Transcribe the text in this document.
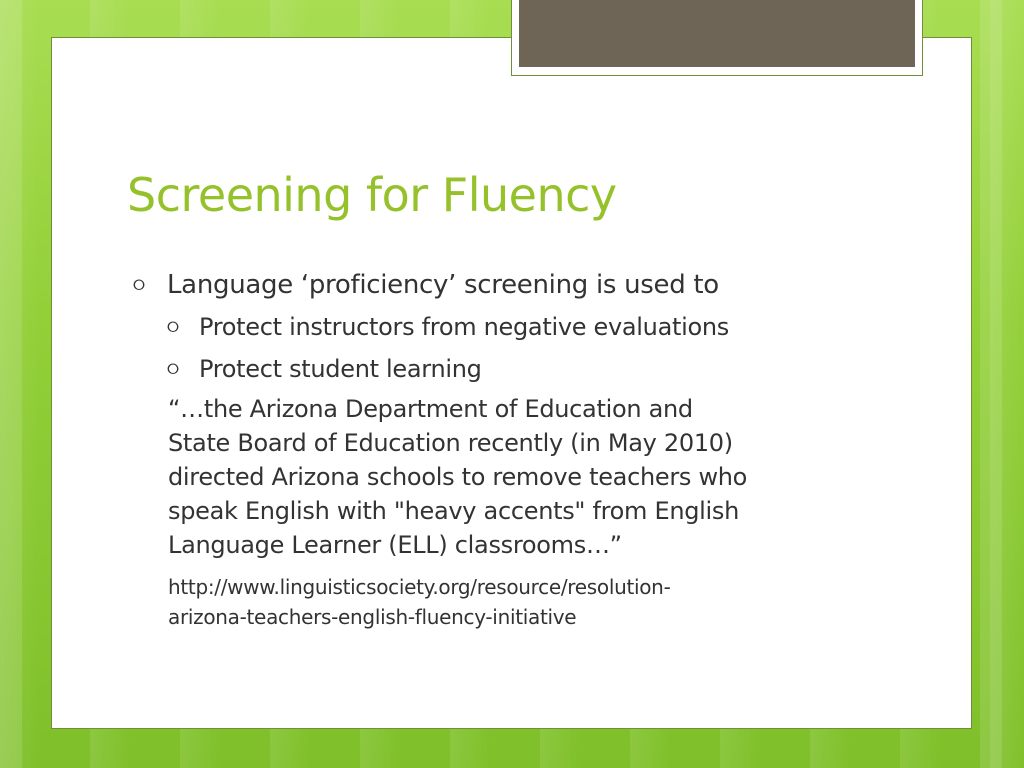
Screening for Fluency
⭘ Language ‘proficiency’ screening is used to
⭘ Protect instructors from negative evaluations
⭘ Protect student learning
“…the Arizona Department of Education and
State Board of Education recently (in May 2010)
directed Arizona schools to remove teachers who
speak English with "heavy accents" from English
Language Learner (ELL) classrooms…”
http://www.linguisticsociety.org/resource/resolution-
arizona-teachers-english-fluency-initiative
